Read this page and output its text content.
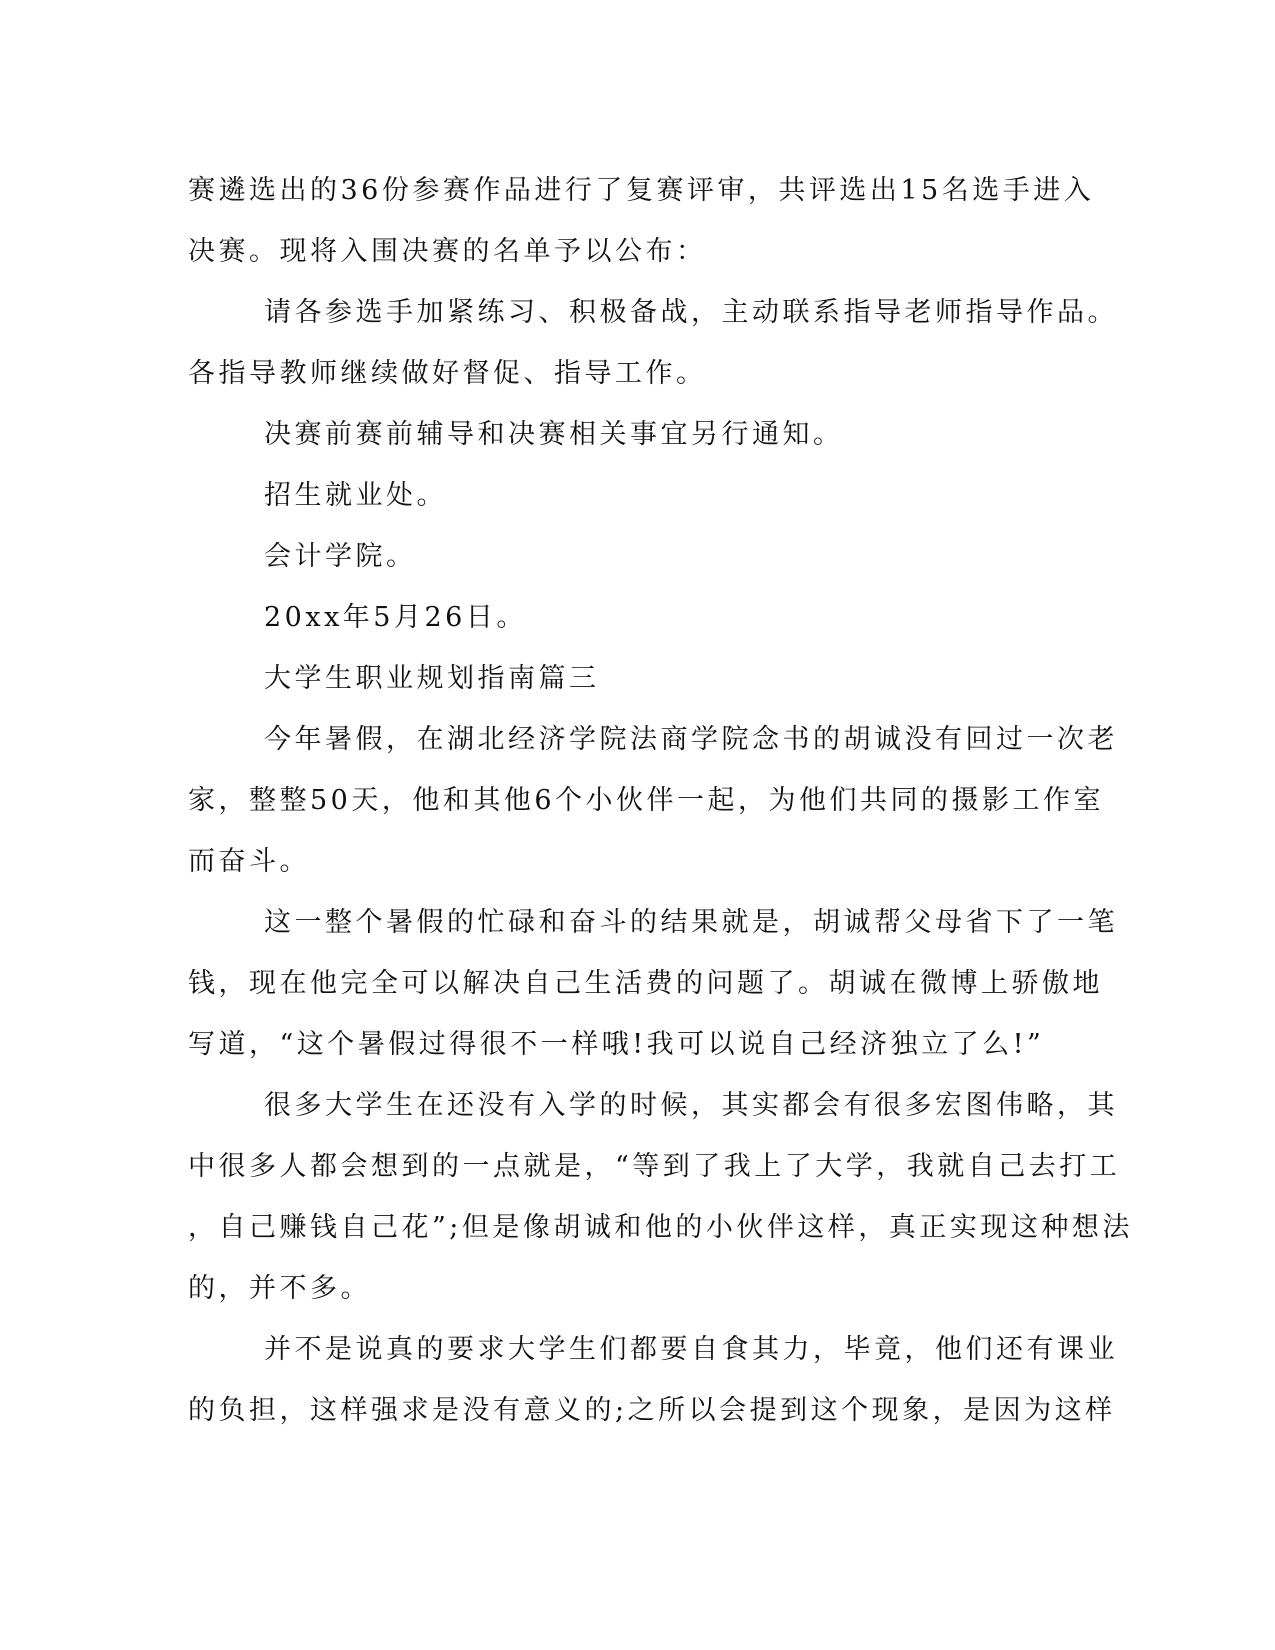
赛遴选出的36份参赛作品进行了复赛评审，共评选出15名选手进入

决赛。现将入围决赛的名单予以公布：

请各参选手加紧练习、积极备战，主动联系指导老师指导作品。

各指导教师继续做好督促、指导工作。

决赛前赛前辅导和决赛相关事宜另行通知。

招生就业处。

会计学院。

20xx年5月26日。

大学生职业规划指南篇三

今年暑假，在湖北经济学院法商学院念书的胡诚没有回过一次老

家，整整50天，他和其他6个小伙伴一起，为他们共同的摄影工作室

而奋斗。

这一整个暑假的忙碌和奋斗的结果就是，胡诚帮父母省下了一笔

钱，现在他完全可以解决自己生活费的问题了。胡诚在微博上骄傲地

写道，“这个暑假过得很不一样哦!我可以说自己经济独立了么!”

很多大学生在还没有入学的时候，其实都会有很多宏图伟略，其

中很多人都会想到的一点就是，“等到了我上了大学，我就自己去打工

，自己赚钱自己花”;但是像胡诚和他的小伙伴这样，真正实现这种想法

的，并不多。

并不是说真的要求大学生们都要自食其力，毕竟，他们还有课业

的负担，这样强求是没有意义的;之所以会提到这个现象，是因为这样
